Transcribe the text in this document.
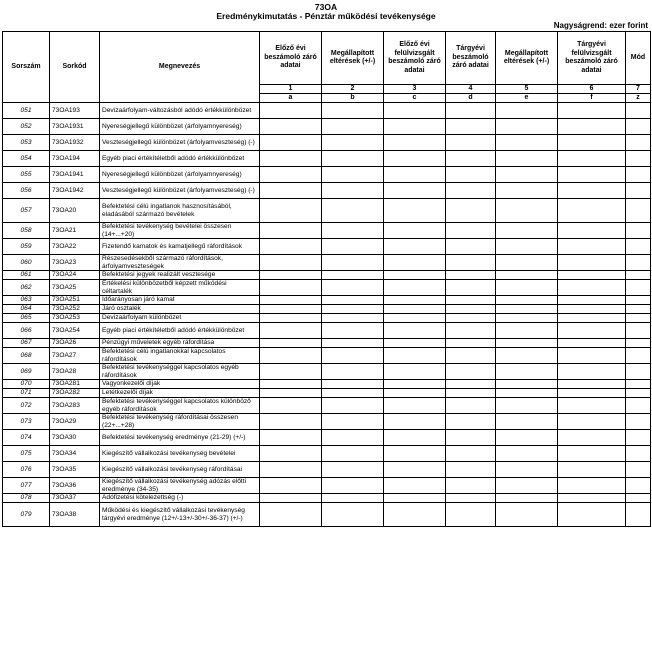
73OA
Eredménykimutatás - Pénztár működési tevékenysége
Nagyságrend: ezer forint
Sorszám	Sorkód	Megnevezés	Előző évi beszámoló záró adatai	Megállapított eltérések (+/-)	Előző évi felülvizsgált beszámoló záró adatai	Tárgyévi beszámoló záró adatai	Megállapított eltérések (+/-)	Tárgyévi felülvizsgált beszámoló záró adatai	Mód
			1	2	3	4	5	6	7
			a	b	c	d	e	f	z
051	73OA193	Devizaárfolyam-változásból adódó értékkülönbözet							
052	73OA1931	Nyereségjellegű különbözet (árfolyamnyereség)							
053	73OA1932	Veszteségjellegű különbözet (árfolyamveszteség) (-)							
054	73OA194	Egyéb piaci értékítéletből adódó értékkülönbözet							
055	73OA1941	Nyereségjellegű különbözet (árfolyamnyereség)							
056	73OA1942	Veszteségjellegű különbözet (árfolyamveszteség) (-)							
057	73OA20	Befektetési célú ingatlanok hasznosításából, eladásából származó bevételek							
058	73OA21	Befektetési tevékenység bevételei összesen (14+...+20)							
059	73OA22	Fizetendő kamatok és kamatjellegű ráfordítások							
060	73OA23	Részesedésekből származó ráfordítások, árfolyamveszteségek							
061	73OA24	Befektetési jegyek realizált vesztesége							
062	73OA25	Értékelési különbözetből képzett működési céltartalék							
063	73OA251	Időarányosan járó kamat							
064	73OA252	Járó osztalék							
065	73OA253	Devizaárfolyam különbözet							
066	73OA254	Egyéb piaci értékítéletből adódó értékkülönbözet							
067	73OA26	Pénzügyi műveletek egyéb ráfordítása							
068	73OA27	Befektetési célú ingatlanokkal kapcsolatos ráfordítások							
069	73OA28	Befektetési tevékenységgel kapcsolatos egyéb ráfordítások							
070	73OA281	Vagyonkezelői díjak							
071	73OA282	Letétkezelői díjak							
072	73OA283	Befektetési tevékenységgel kapcsolatos különböző egyéb ráfordítások							
073	73OA29	Befektetési tevékenység ráfordításai összesen (22+...+28)							
074	73OA30	Befektetési tevékenység eredménye (21-29) (+/-)							
075	73OA34	Kiegészítő vállalkozási tevékenység bevételei							
076	73OA35	Kiegészítő vállalkozási tevékenység ráfordításai							
077	73OA36	Kiegészítő vállalkozási tevékenység adózás előtti eredménye (34-35)							
078	73OA37	Adófizetési kötelezettség (-)							
079	73OA38	Működési és kiegészítő vállalkozási tevékenység tárgyévi eredménye (12+/-13+/-30+/-36-37) (+/-)							
